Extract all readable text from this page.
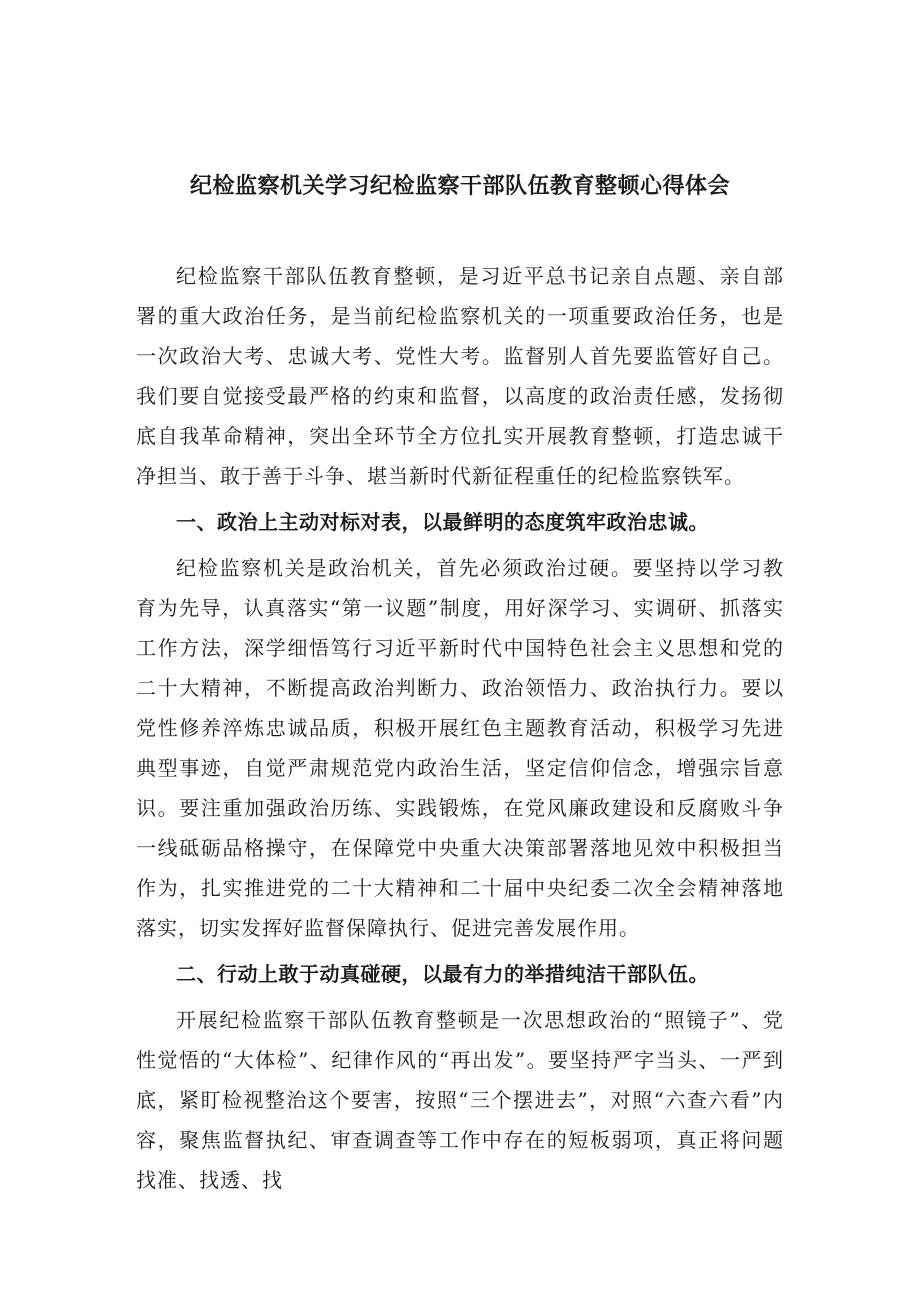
纪检监察机关学习纪检监察干部队伍教育整顿心得体会

纪检监察干部队伍教育整顿，是习近平总书记亲自点题、亲自部署的重大政治任务，是当前纪检监察机关的一项重要政治任务，也是一次政治大考、忠诚大考、党性大考。监督别人首先要监管好自己。我们要自觉接受最严格的约束和监督，以高度的政治责任感，发扬彻底自我革命精神，突出全环节全方位扎实开展教育整顿，打造忠诚干净担当、敢于善于斗争、堪当新时代新征程重任的纪检监察铁军。

一、政治上主动对标对表，以最鲜明的态度筑牢政治忠诚。

纪检监察机关是政治机关，首先必须政治过硬。要坚持以学习教育为先导，认真落实“第一议题”制度，用好深学习、实调研、抓落实工作方法，深学细悟笃行习近平新时代中国特色社会主义思想和党的二十大精神，不断提高政治判断力、政治领悟力、政治执行力。要以党性修养淬炼忠诚品质，积极开展红色主题教育活动，积极学习先进典型事迹，自觉严肃规范党内政治生活，坚定信仰信念，增强宗旨意识。要注重加强政治历练、实践锻炼，在党风廉政建设和反腐败斗争一线砥砺品格操守，在保障党中央重大决策部署落地见效中积极担当作为，扎实推进党的二十大精神和二十届中央纪委二次全会精神落地落实，切实发挥好监督保障执行、促进完善发展作用。

二、行动上敢于动真碰硬，以最有力的举措纯洁干部队伍。

开展纪检监察干部队伍教育整顿是一次思想政治的“照镜子”、党性觉悟的“大体检”、纪律作风的“再出发”。要坚持严字当头、一严到底，紧盯检视整治这个要害，按照“三个摆进去”，对照“六查六看”内容，聚焦监督执纪、审查调查等工作中存在的短板弱项，真正将问题找准、找透、找
